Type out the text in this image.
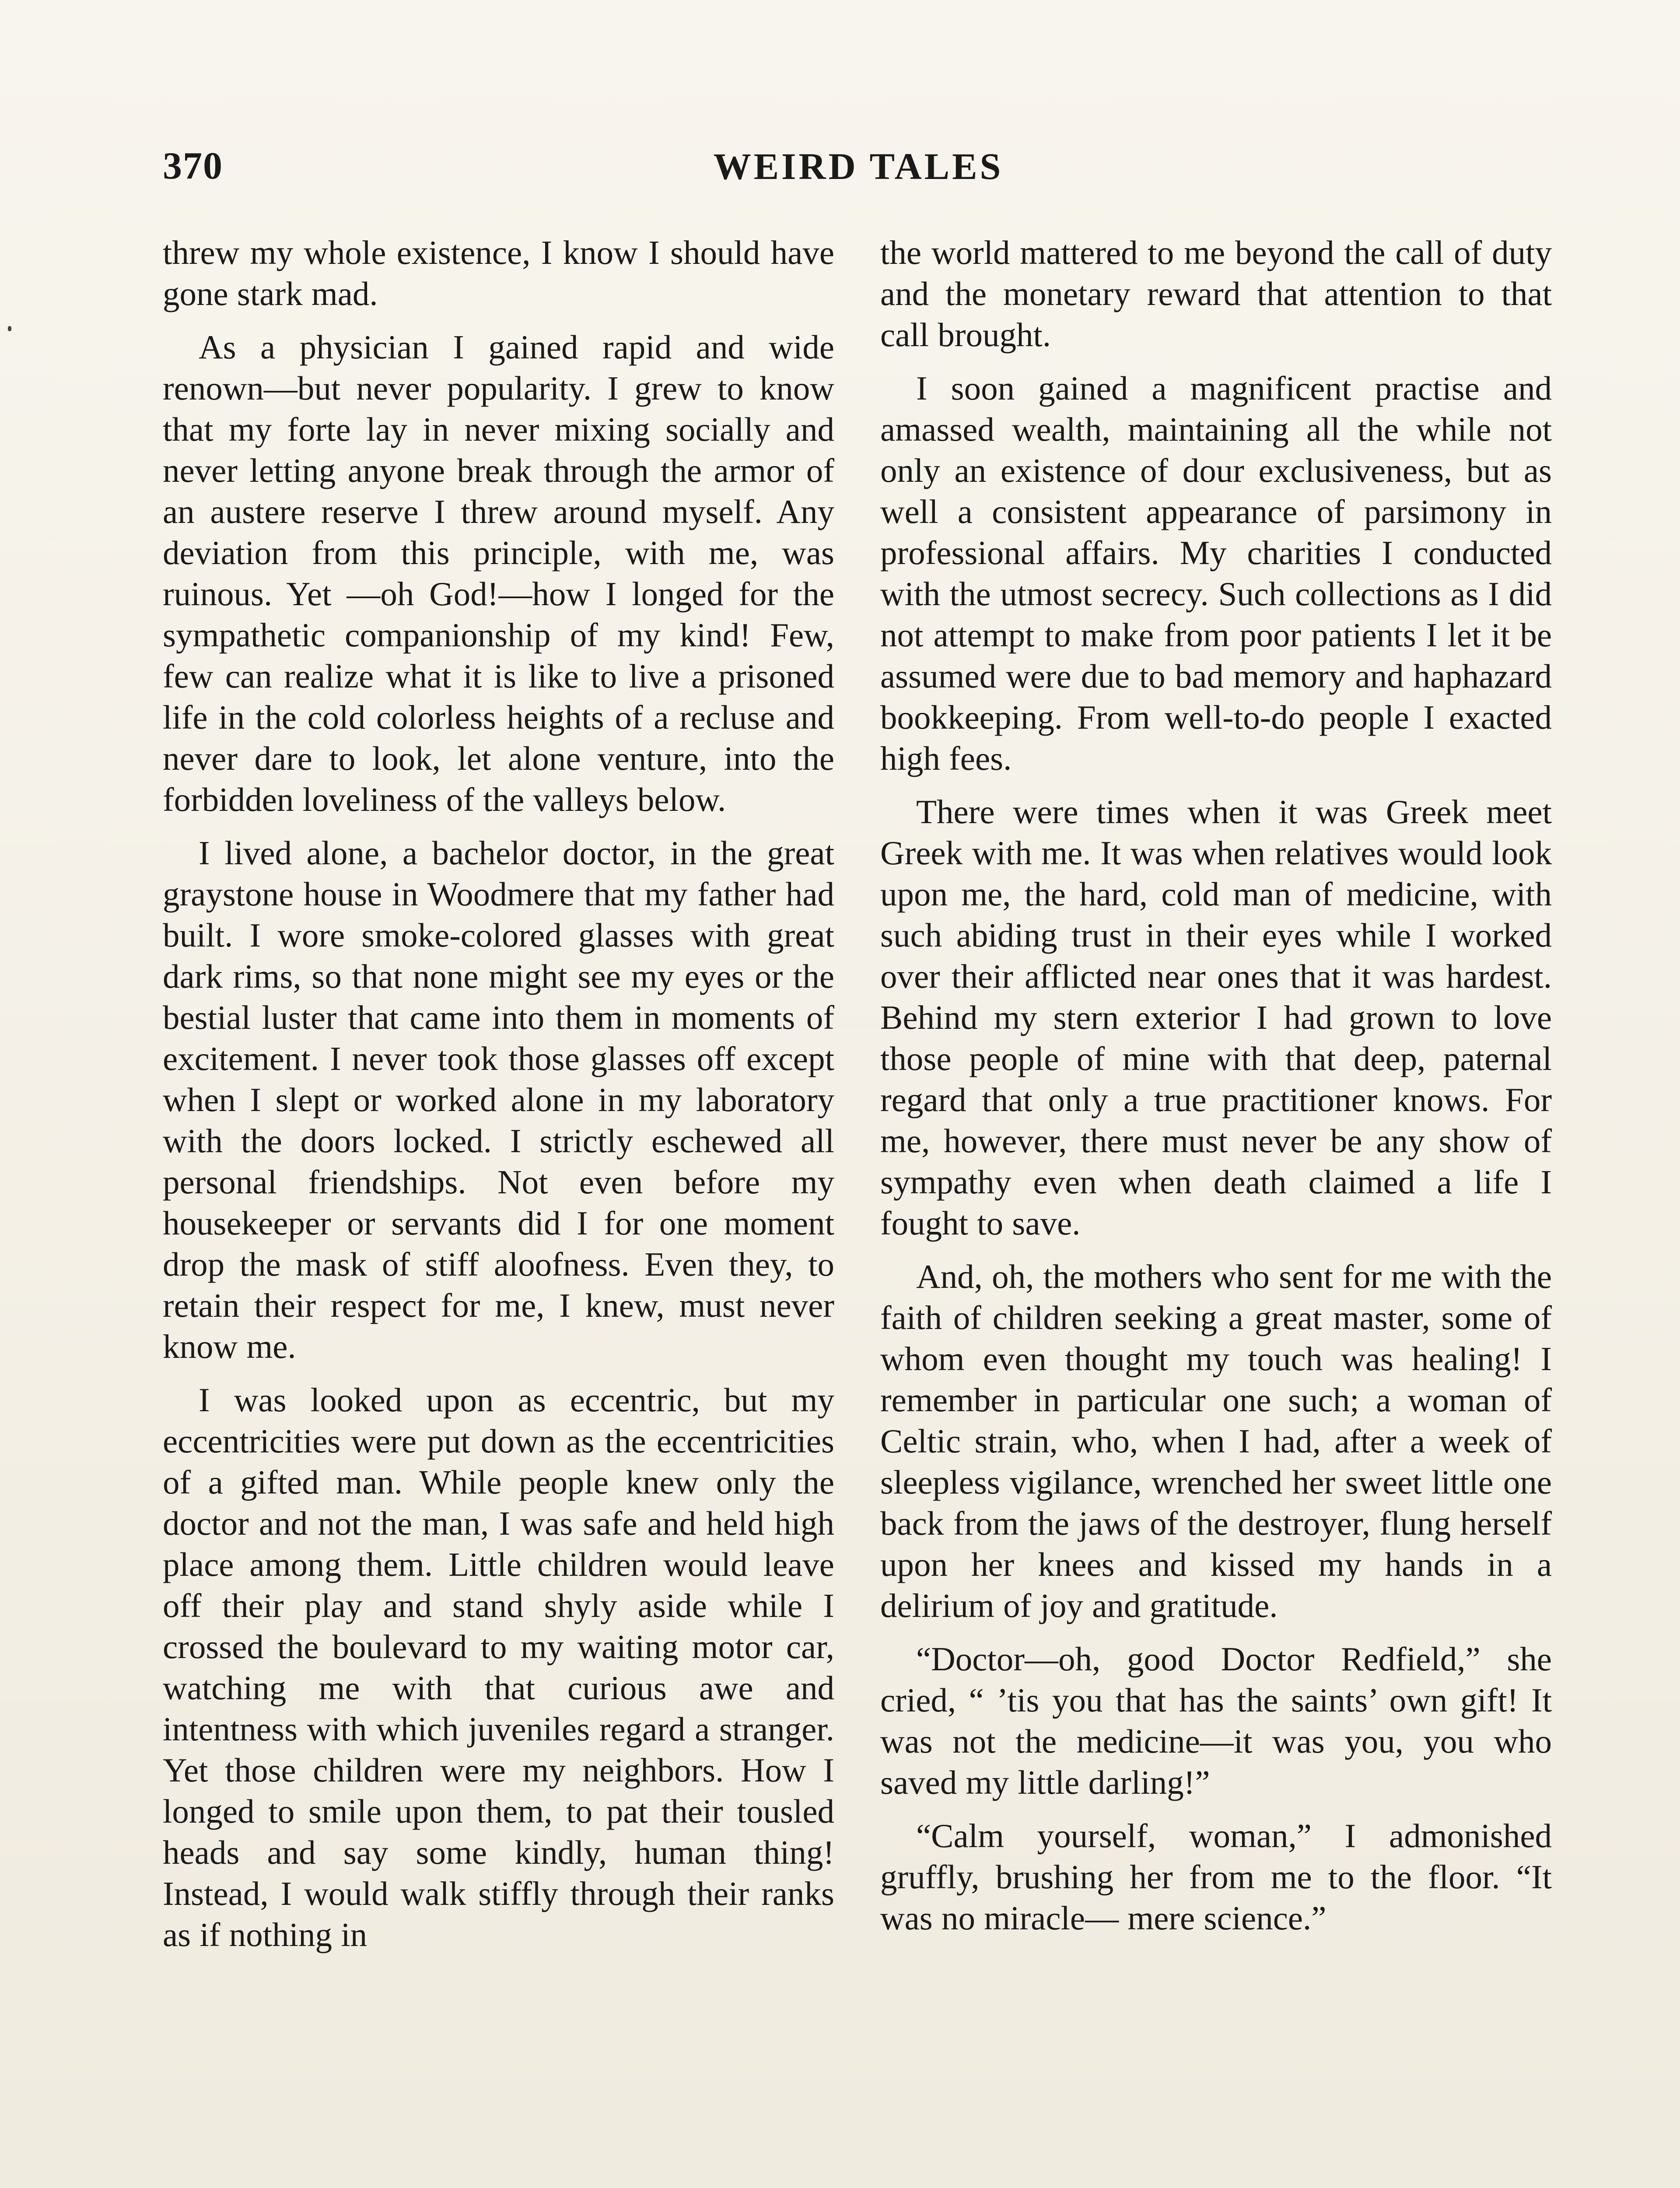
370	WEIRD TALES

threw my whole existence, I know I should have gone stark mad.

As a physician I gained rapid and wide renown—but never popularity. I grew to know that my forte lay in never mixing socially and never letting anyone break through the armor of an austere reserve I threw around myself. Any deviation from this principle, with me, was ruinous. Yet —oh God!—how I longed for the sympathetic companionship of my kind! Few, few can realize what it is like to live a prisoned life in the cold colorless heights of a recluse and never dare to look, let alone venture, into the forbidden loveliness of the valleys below.

I lived alone, a bachelor doctor, in the great graystone house in Woodmere that my father had built. I wore smoke-colored glasses with great dark rims, so that none might see my eyes or the bestial luster that came into them in moments of excitement. I never took those glasses off except when I slept or worked alone in my laboratory with the doors locked. I strictly eschewed all personal friendships. Not even before my housekeeper or servants did I for one moment drop the mask of stiff aloofness. Even they, to retain their respect for me, I knew, must never know me.

I was looked upon as eccentric, but my eccentricities were put down as the eccentricities of a gifted man. While people knew only the doctor and not the man, I was safe and held high place among them. Little children would leave off their play and stand shyly aside while I crossed the boulevard to my waiting motor car, watching me with that curious awe and intentness with which juveniles regard a stranger. Yet those children were my neighbors. How I longed to smile upon them, to pat their tousled heads and say some kindly, human thing! Instead, I would walk stiffly through their ranks as if nothing in

the world mattered to me beyond the call of duty and the monetary reward that attention to that call brought.

I soon gained a magnificent practise and amassed wealth, maintaining all the while not only an existence of dour exclusiveness, but as well a consistent appearance of parsimony in professional affairs. My charities I conducted with the utmost secrecy. Such collections as I did not attempt to make from poor patients I let it be assumed were due to bad memory and haphazard bookkeeping. From well-to-do people I exacted high fees.

There were times when it was Greek meet Greek with me. It was when relatives would look upon me, the hard, cold man of medicine, with such abiding trust in their eyes while I worked over their afflicted near ones that it was hardest. Behind my stern exterior I had grown to love those people of mine with that deep, paternal regard that only a true practitioner knows. For me, however, there must never be any show of sympathy even when death claimed a life I fought to save.

And, oh, the mothers who sent for me with the faith of children seeking a great master, some of whom even thought my touch was healing! I remember in particular one such; a woman of Celtic strain, who, when I had, after a week of sleepless vigilance, wrenched her sweet little one back from the jaws of the destroyer, flung herself upon her knees and kissed my hands in a delirium of joy and gratitude.

“Doctor—oh, good Doctor Redfield,” she cried, “ ’tis you that has the saints’ own gift! It was not the medicine—it was you, you who saved my little darling!”

“Calm yourself, woman,” I admonished gruffly, brushing her from me to the floor. “It was no miracle— mere science.”
